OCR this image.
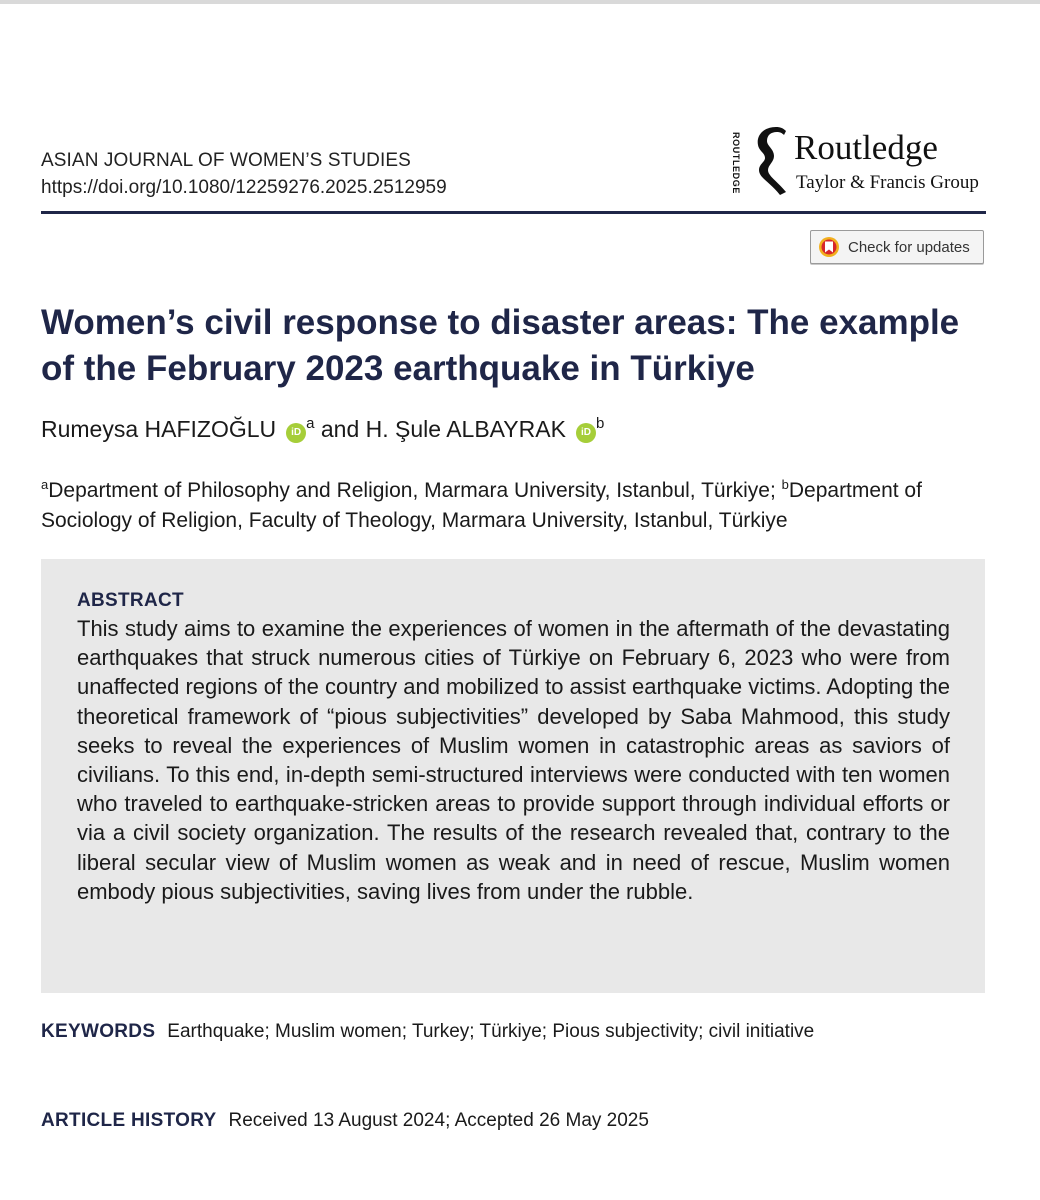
ASIAN JOURNAL OF WOMEN’S STUDIES
https://doi.org/10.1080/12259276.2025.2512959	ROUTLEDGE Routledge
Taylor & Francis Group
Check for updates
Women’s civil response to disaster areas: The example of the February 2023 earthquake in Türkiye
Rumeysa HAFIZOĞLU $iD^a$ and H. Şule ALBAYRAK $iD^b$
$^a$Department of Philosophy and Religion, Marmara University, Istanbul, Türkiye; $^b$Department of Sociology of Religion, Faculty of Theology, Marmara University, Istanbul, Türkiye
ABSTRACT
This study aims to examine the experiences of women in the aftermath of the devastating earthquakes that struck numerous cities of Türkiye on February 6, 2023 who were from unaffected regions of the country and mobilized to assist earthquake victims. Adopting the theoretical framework of “pious subjectivities” developed by Saba Mahmood, this study seeks to reveal the experiences of Muslim women in catastrophic areas as saviors of civilians. To this end, in-depth semi-structured interviews were conducted with ten women who traveled to earthquake-stricken areas to provide support through individual efforts or via a civil society organization. The results of the research revealed that, contrary to the liberal secular view of Muslim women as weak and in need of rescue, Muslim women embody pious subjectivities, saving lives from under the rubble.
KEYWORDS Earthquake; Muslim women; Turkey; Türkiye; Pious subjectivity; civil initiative
ARTICLE HISTORY Received 13 August 2024; Accepted 26 May 2025
